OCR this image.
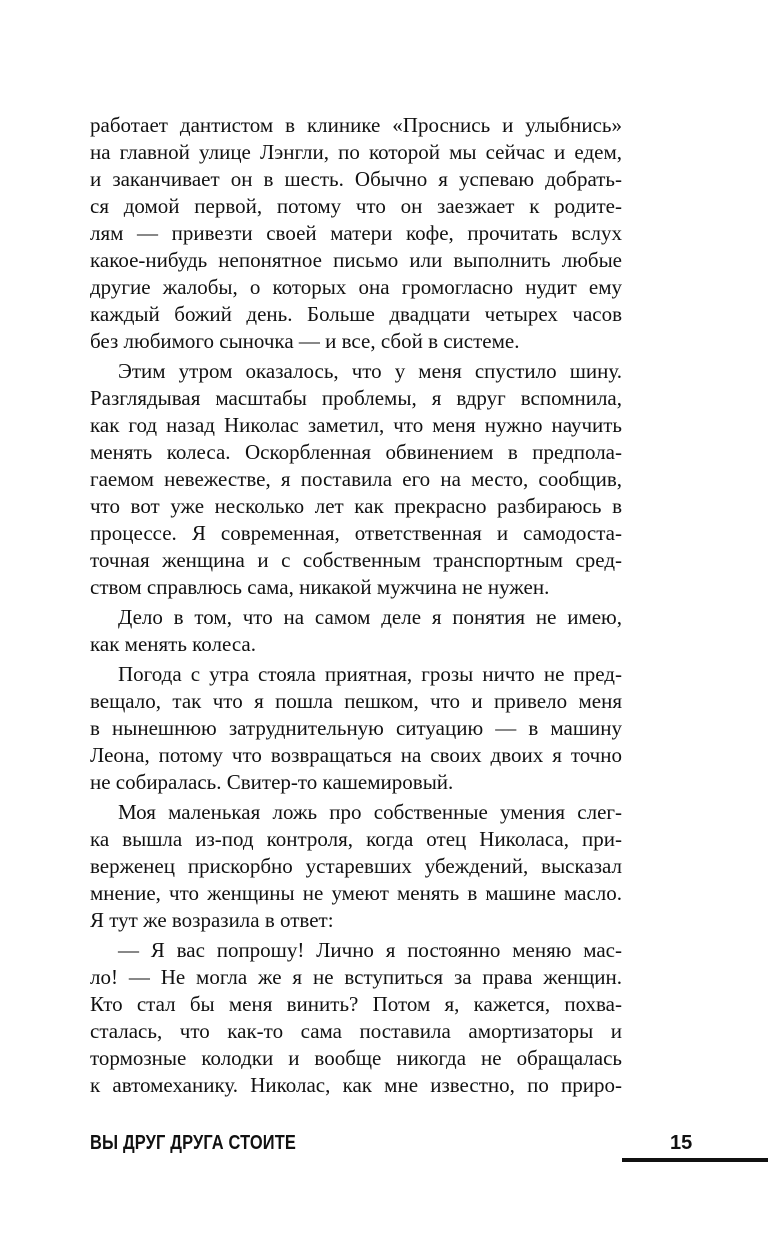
работает дантистом в клинике «Проснись и улыбнись»
на главной улице Лэнгли, по которой мы сейчас и едем,
и заканчивает он в шесть. Обычно я успеваю добрать-
ся домой первой, потому что он заезжает к родите-
лям — привезти своей матери кофе, прочитать вслух
какое-нибудь непонятное письмо или выполнить любые
другие жалобы, о которых она громогласно нудит ему
каждый божий день. Больше двадцати четырех часов
без любимого сыночка — и все, сбой в системе.
Этим утром оказалось, что у меня спустило шину.
Разглядывая масштабы проблемы, я вдруг вспомнила,
как год назад Николас заметил, что меня нужно научить
менять колеса. Оскорбленная обвинением в предпола-
гаемом невежестве, я поставила его на место, сообщив,
что вот уже несколько лет как прекрасно разбираюсь в
процессе. Я современная, ответственная и самодоста-
точная женщина и с собственным транспортным сред-
ством справлюсь сама, никакой мужчина не нужен.
Дело в том, что на самом деле я понятия не имею,
как менять колеса.
Погода с утра стояла приятная, грозы ничто не пред-
вещало, так что я пошла пешком, что и привело меня
в нынешнюю затруднительную ситуацию — в машину
Леона, потому что возвращаться на своих двоих я точно
не собиралась. Свитер-то кашемировый.
Моя маленькая ложь про собственные умения слег-
ка вышла из-под контроля, когда отец Николаса, при-
верженец прискорбно устаревших убеждений, высказал
мнение, что женщины не умеют менять в машине масло.
Я тут же возразила в ответ:
— Я вас попрошу! Лично я постоянно меняю мас-
ло! — Не могла же я не вступиться за права женщин.
Кто стал бы меня винить? Потом я, кажется, похва-
сталась, что как-то сама поставила амортизаторы и
тормозные колодки и вообще никогда не обращалась
к автомеханику. Николас, как мне известно, по приро-
ВЫ ДРУГ ДРУГА СТОИТЕ	15
